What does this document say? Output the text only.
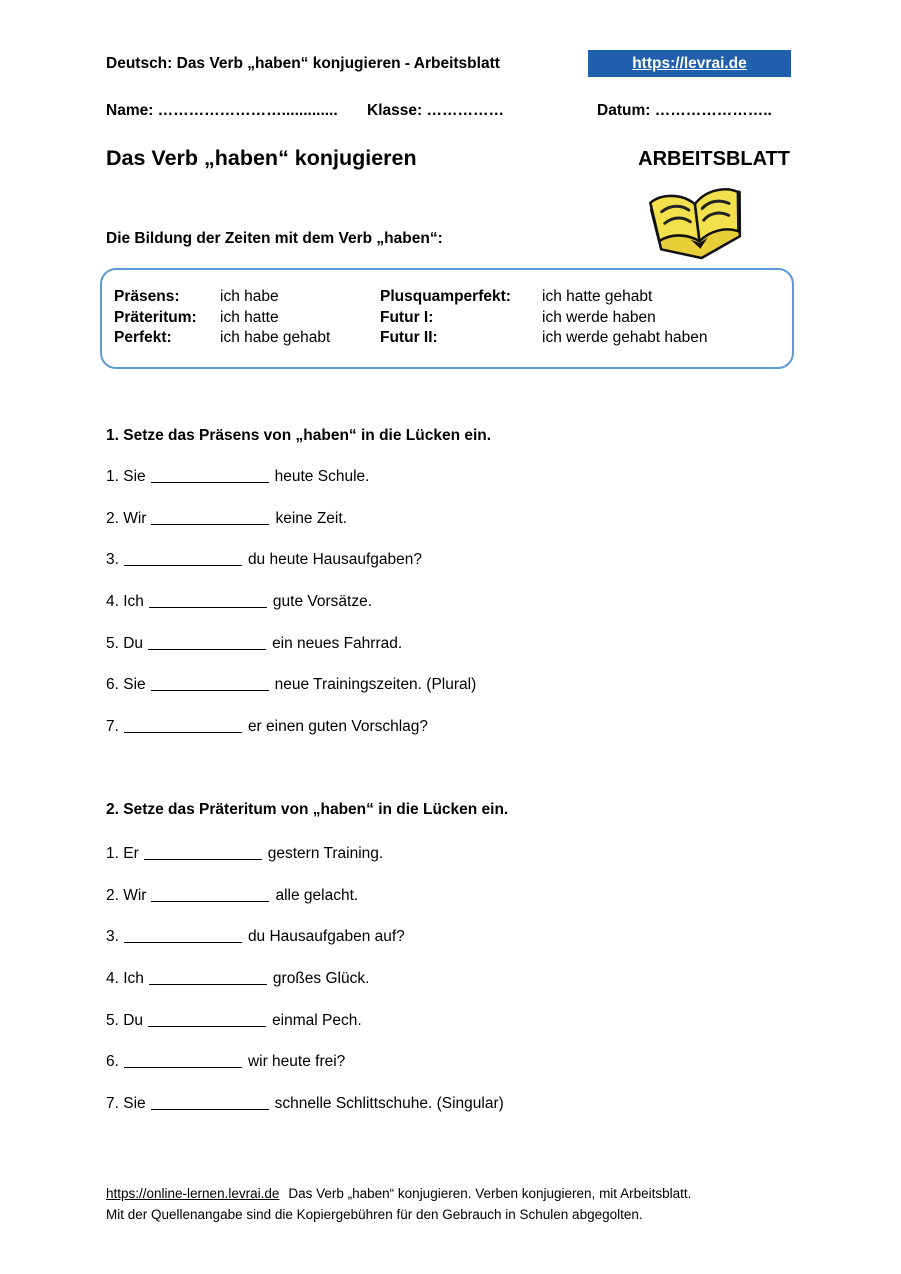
Deutsch: Das Verb „haben“ konjugieren - Arbeitsblatt	https://levrai.de
Name: ……………………............. Klasse: ……………	Datum: …………………..
Das Verb „haben“ konjugieren	ARBEITSBLATT
Die Bildung der Zeiten mit dem Verb „haben“:
Präsens:	ich habe
Präteritum: ich hatte
Perfekt:	ich habe gehabt
Plusquamperfekt: ich hatte gehabt
Futur I:	ich werde haben
Futur II:	ich werde gehabt haben
1. Setze das Präsens von „haben“ in die Lücken ein.
1. Sie	heute Schule.
2. Wir	keine Zeit.
3.	du heute Hausaufgaben?
4. Ich	gute Vorsätze.
5. Du	ein neues Fahrrad.
6. Sie	neue Trainingszeiten. (Plural)
7.	er einen guten Vorschlag?
2. Setze das Präteritum von „haben“ in die Lücken ein.
1. Er	gestern Training.
2. Wir	alle gelacht.
3.	du Hausaufgaben auf?
4. Ich	großes Glück.
5. Du	einmal Pech.
6.	wir heute frei?
7. Sie	schnelle Schlittschuhe. (Singular)
https://online-lernen.levrai.de Das Verb „haben“ konjugieren. Verben konjugieren, mit Arbeitsblatt.
Mit der Quellenangabe sind die Kopiergebühren für den Gebrauch in Schulen abgegolten.
